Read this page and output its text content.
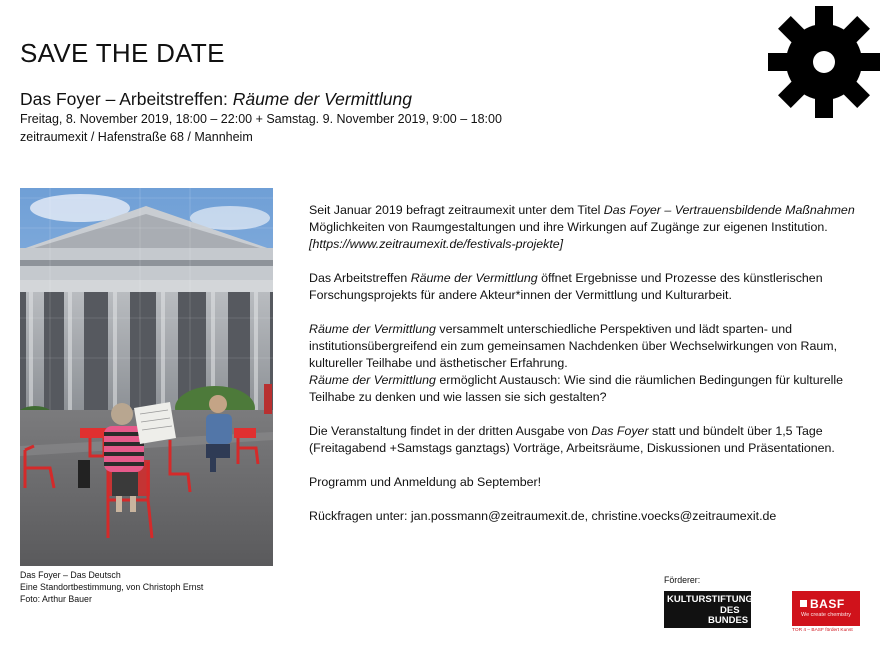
SAVE THE DATE
Das Foyer – Arbeitstreffen: Räume der Vermittlung
Freitag, 8. November 2019, 18:00 – 22:00 + Samstag. 9. November 2019, 9:00 – 18:00
zeitraumexit / Hafenstraße 68 / Mannheim
Das Foyer – Das Deutsch
Eine Standortbestimmung, von Christoph Ernst
Foto: Arthur Bauer

Seit Januar 2019 befragt zeitraumexit unter dem Titel Das Foyer – Vertrauensbildende Maßnahmen Möglichkeiten von Raumgestaltungen und ihre Wirkungen auf Zugänge zur eigenen Institution. [https://www.zeitraumexit.de/festivals-projekte]

Das Arbeitstreffen Räume der Vermittlung öffnet Ergebnisse und Prozesse des künstlerischen Forschungsprojekts für andere Akteur*innen der Vermittlung und Kulturarbeit.

Räume der Vermittlung versammelt unterschiedliche Perspektiven und lädt sparten- und institutionsübergreifend ein zum gemeinsamen Nachdenken über Wechselwirkungen von Raum, kultureller Teilhabe und ästhetischer Erfahrung.

Räume der Vermittlung ermöglicht Austausch: Wie sind die räumlichen Bedingungen für kulturelle Teilhabe zu denken und wie lassen sie sich gestalten?

Die Veranstaltung findet in der dritten Ausgabe von Das Foyer statt und bündelt über 1,5 Tage (Freitagabend +Samstags ganztags) Vorträge, Arbeitsräume, Diskussionen und Präsentationen.

Programm und Anmeldung ab September!

Rückfragen unter: jan.possmann@zeitraumexit.de, christine.voecks@zeitraumexit.de

Förderer:
KULTURSTIFTUNG
DES
BUNDES
BASF
We create chemistry
TOR 4 – BASF fördert Kunst
